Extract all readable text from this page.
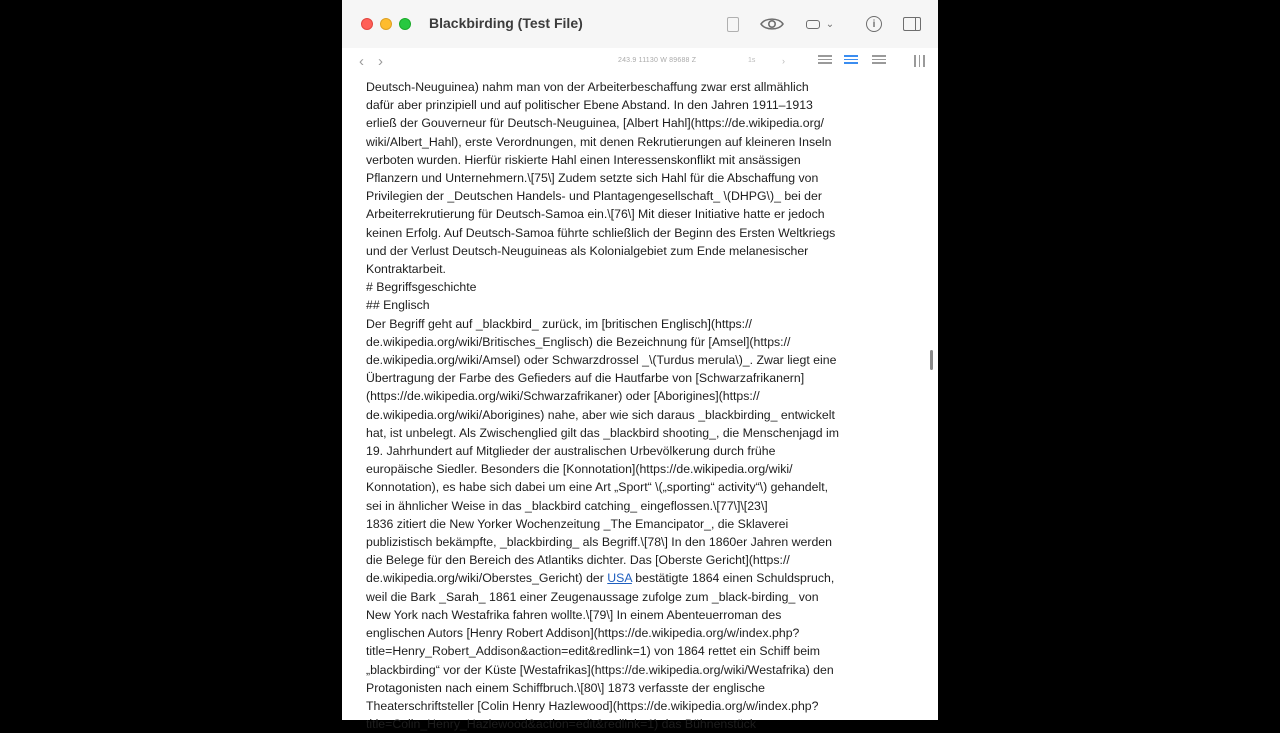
Blackbirding (Test File)	⌄	i
‹ ›	243.9 11130 W 89688 Z	1s	›
Deutsch-Neuguinea) nahm man von der Arbeiterbeschaffung zwar erst allmählich
dafür aber prinzipiell und auf politischer Ebene Abstand. In den Jahren 1911–1913
erließ der Gouverneur für Deutsch-Neuguinea, [Albert Hahl](https://de.wikipedia.org/
wiki/Albert_Hahl), erste Verordnungen, mit denen Rekrutierungen auf kleineren Inseln
verboten wurden. Hierfür riskierte Hahl einen Interessenskonflikt mit ansässigen
Pflanzern und Unternehmern.\[75\] Zudem setzte sich Hahl für die Abschaffung von
Privilegien der _Deutschen Handels- und Plantagengesellschaft_ \(DHPG\)_ bei der
Arbeiterrekrutierung für Deutsch-Samoa ein.\[76\] Mit dieser Initiative hatte er jedoch
keinen Erfolg. Auf Deutsch-Samoa führte schließlich der Beginn des Ersten Weltkriegs
und der Verlust Deutsch-Neuguineas als Kolonialgebiet zum Ende melanesischer
Kontraktarbeit.
# Begriffsgeschichte
## Englisch
Der Begriff geht auf _blackbird_ zurück, im [britischen Englisch](https://
de.wikipedia.org/wiki/Britisches_Englisch) die Bezeichnung für [Amsel](https://
de.wikipedia.org/wiki/Amsel) oder Schwarzdrossel _\(Turdus merula\)_. Zwar liegt eine
Übertragung der Farbe des Gefieders auf die Hautfarbe von [Schwarzafrikanern]
(https://de.wikipedia.org/wiki/Schwarzafrikaner) oder [Aborigines](https://
de.wikipedia.org/wiki/Aborigines) nahe, aber wie sich daraus _blackbirding_ entwickelt
hat, ist unbelegt. Als Zwischenglied gilt das _blackbird shooting_, die Menschenjagd im
19. Jahrhundert auf Mitglieder der australischen Urbevölkerung durch frühe
europäische Siedler. Besonders die [Konnotation](https://de.wikipedia.org/wiki/
Konnotation), es habe sich dabei um eine Art „Sport“ \(„sporting“ activity“\) gehandelt,
sei in ähnlicher Weise in das _blackbird catching_ eingeflossen.\[77\]\[23\]
1836 zitiert die New Yorker Wochenzeitung _The Emancipator_, die Sklaverei
publizistisch bekämpfte, _blackbirding_ als Begriff.\[78\] In den 1860er Jahren werden
die Belege für den Bereich des Atlantiks dichter. Das [Oberste Gericht](https://
de.wikipedia.org/wiki/Oberstes_Gericht) der USA bestätigte 1864 einen Schuldspruch,
weil die Bark _Sarah_ 1861 einer Zeugenaussage zufolge zum _black-birding_ von
New York nach Westafrika fahren wollte.\[79\] In einem Abenteuerroman des
englischen Autors [Henry Robert Addison](https://de.wikipedia.org/w/index.php?
title=Henry_Robert_Addison&action=edit&redlink=1) von 1864 rettet ein Schiff beim
„blackbirding“ vor der Küste [Westafrikas](https://de.wikipedia.org/wiki/Westafrika) den
Protagonisten nach einem Schiffbruch.\[80\] 1873 verfasste der englische
Theaterschriftsteller [Colin Henry Hazlewood](https://de.wikipedia.org/w/index.php?
title=Colin_Henry_Hazlewood&action=edit&redlink=1) das Bühnenstück
